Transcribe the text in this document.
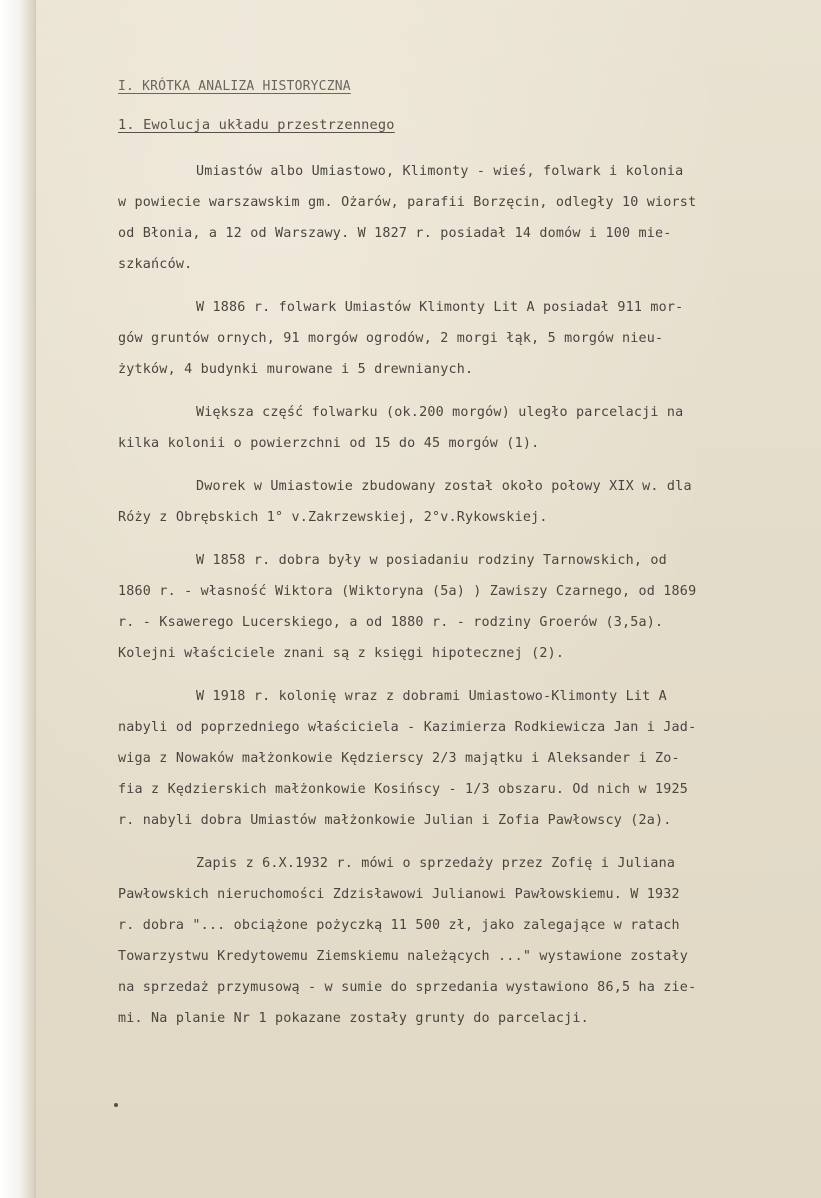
I. KRÓTKA ANALIZA HISTORYCZNA
1. Ewolucja układu przestrzennego
Umiastów albo Umiastowo, Klimonty - wieś, folwark i kolonia
w powiecie warszawskim gm. Ożarów, parafii Borzęcin, odległy 10 wiorst
od Błonia, a 12 od Warszawy. W 1827 r. posiadał 14 domów i 100 mie-
szkańców.
W 1886 r. folwark Umiastów Klimonty Lit A posiadał 911 mor-
gów gruntów ornych, 91 morgów ogrodów, 2 morgi łąk, 5 morgów nieu-
żytków, 4 budynki murowane i 5 drewnianych.
Większa część folwarku (ok.200 morgów) uległo parcelacji na
kilka kolonii o powierzchni od 15 do 45 morgów (1).
Dworek w Umiastowie zbudowany został około połowy XIX w. dla
Róży z Obrębskich 1° v.Zakrzewskiej, 2°v.Rykowskiej.
W 1858 r. dobra były w posiadaniu rodziny Tarnowskich, od
1860 r. - własność Wiktora (Wiktoryna (5a) ) Zawiszy Czarnego, od 1869
r. - Ksawerego Lucerskiego, a od 1880 r. - rodziny Groerów (3,5a).
Kolejni właściciele znani są z księgi hipotecznej (2).
W 1918 r. kolonię wraz z dobrami Umiastowo-Klimonty Lit A
nabyli od poprzedniego właściciela - Kazimierza Rodkiewicza Jan i Jad-
wiga z Nowaków małżonkowie Kędzierscy 2/3 majątku i Aleksander i Zo-
fia z Kędzierskich małżonkowie Kosińscy - 1/3 obszaru. Od nich w 1925
r. nabyli dobra Umiastów małżonkowie Julian i Zofia Pawłowscy (2a).
Zapis z 6.X.1932 r. mówi o sprzedaży przez Zofię i Juliana
Pawłowskich nieruchomości Zdzisławowi Julianowi Pawłowskiemu. W 1932
r. dobra "... obciążone pożyczką 11 500 zł, jako zalegające w ratach
Towarzystwu Kredytowemu Ziemskiemu należących ..." wystawione zostały
na sprzedaż przymusową - w sumie do sprzedania wystawiono 86,5 ha zie-
mi. Na planie Nr 1 pokazane zostały grunty do parcelacji.
